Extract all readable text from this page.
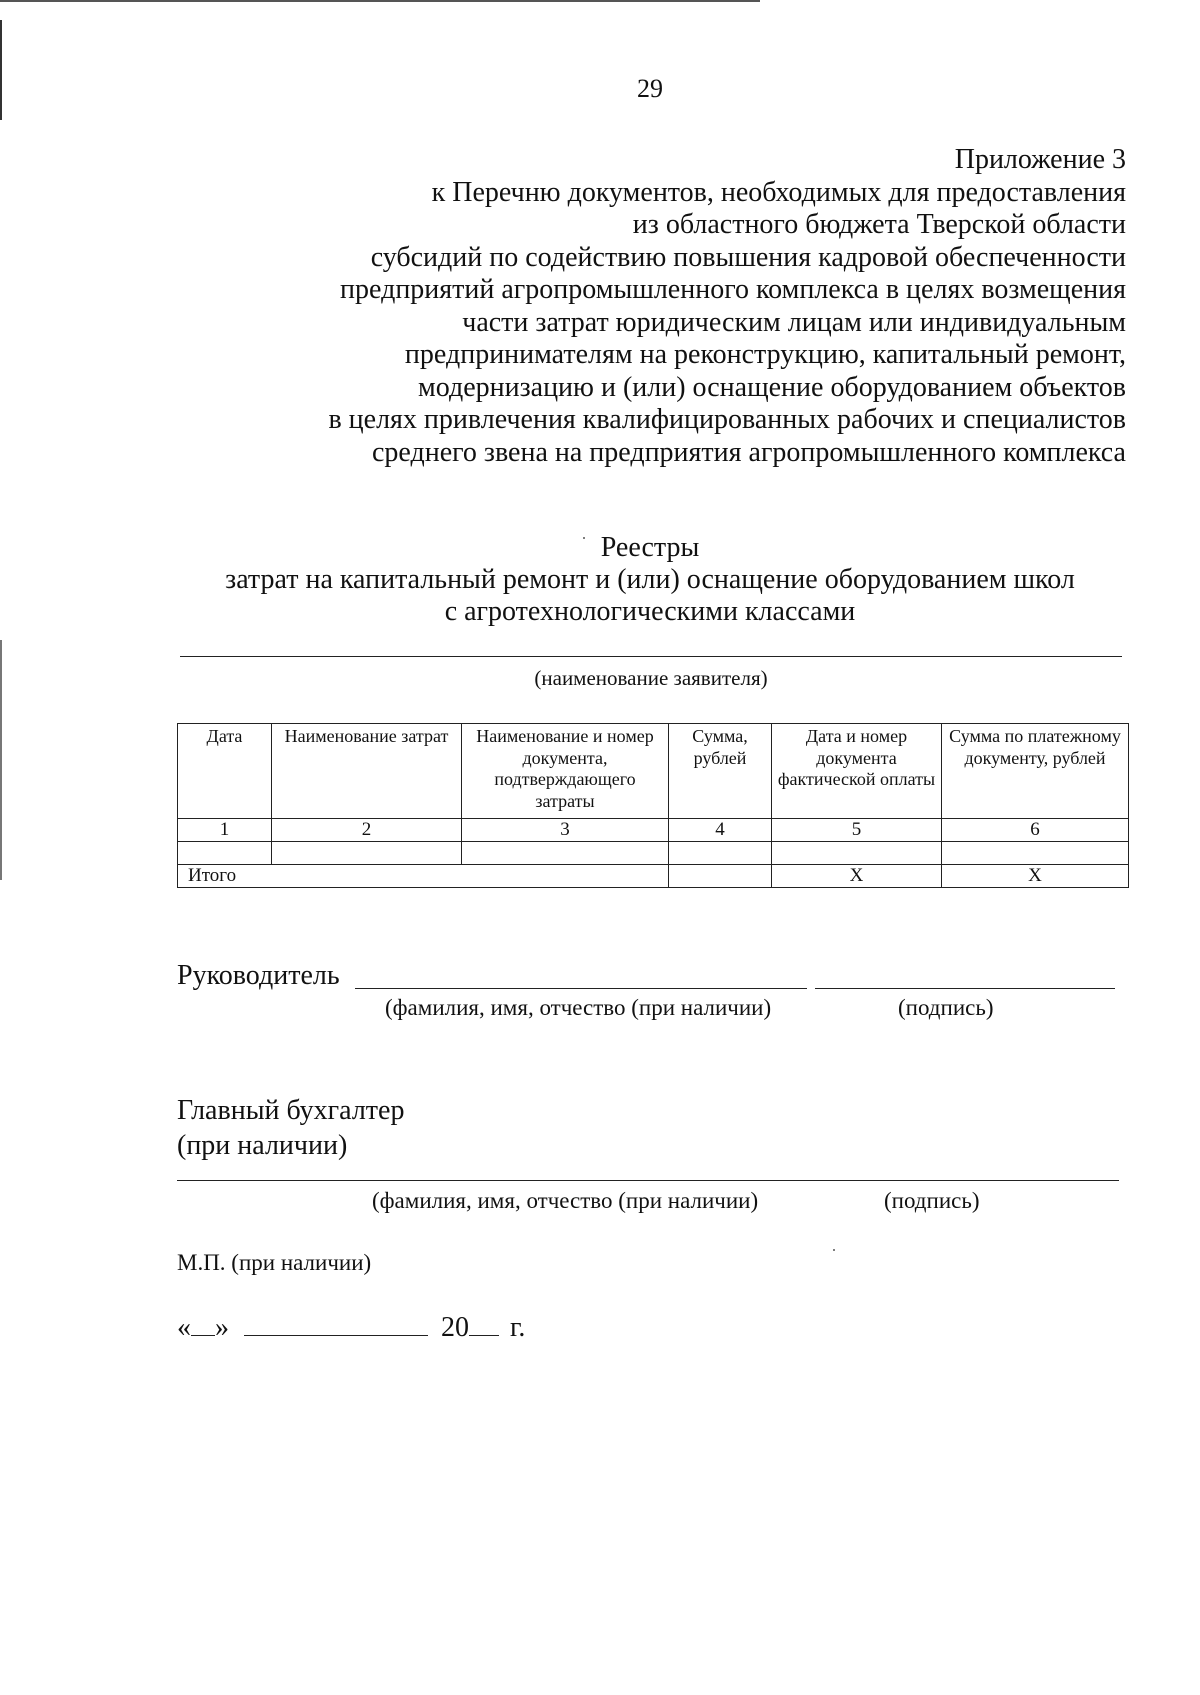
29
Приложение 3
к Перечню документов, необходимых для предоставления
из областного бюджета Тверской области
субсидий по содействию повышения кадровой обеспеченности
предприятий агропромышленного комплекса в целях возмещения
части затрат юридическим лицам или индивидуальным
предпринимателям на реконструкцию, капитальный ремонт,
модернизацию и (или) оснащение оборудованием объектов
в целях привлечения квалифицированных рабочих и специалистов
среднего звена на предприятия агропромышленного комплекса
Реестры
затрат на капитальный ремонт и (или) оснащение оборудованием школ
с агротехнологическими классами
(наименование заявителя)
Дата	Наименование затрат	Наименование и номер документа, подтверждающего затраты	Сумма, рублей	Дата и номер документа фактической оплаты	Сумма по платежному документу, рублей
1	2	3	4	5	6

Итого				Х	Х
Руководитель
(фамилия, имя, отчество (при наличии)	(подпись)
Главный бухгалтер
(при наличии)
(фамилия, имя, отчество (при наличии)	(подпись)
М.П. (при наличии)
« »	20 г.
